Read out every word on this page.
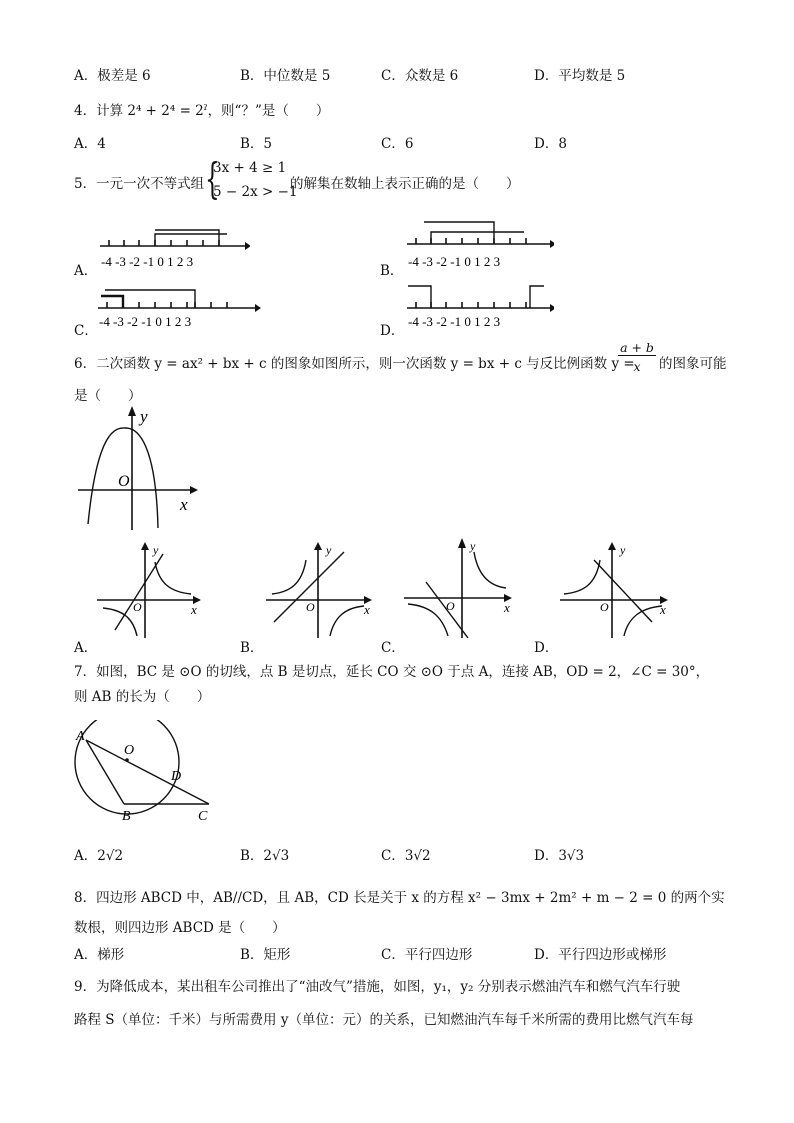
A．极差是 6	B．中位数是 5	C．众数是 6	D．平均数是 5
4．计算 2⁴ + 2⁴ = 2ˀ，则“？”是（　　）
A．4	B．5	C．6	D．8
5．一元一次不等式组 {
3x + 4 ≥ 1
5 − 2x > −1
的解集在数轴上表示正确的是（　　）
-4 -3 -2 -1 0 1 2 3
A．
-4 -3 -2 -1 0 1 2 3
B．
-4 -3 -2 -1 0 1 2 3
C．
-4 -3 -2 -1 0 1 2 3
D．
6．二次函数 y = ax² + bx + c 的图象如图所示，则一次函数 y = bx + c 与反比例函数 y =
a + b
x	的图象可能
是（　　）
y
x
O
y
x
O
A．
y
x
O
B．
y
x
O
C．
y
x
O
D．
7．如图，BC 是 ⊙O 的切线，点 B 是切点，延长 CO 交 ⊙O 于点 A，连接 AB，OD = 2，∠C = 30°，
则 AB 的长为（　　）
A
O
D
B	C
A．2√2	B．2√3	C．3√2	D．3√3
8．四边形 ABCD 中，AB//CD，且 AB，CD 长是关于 x 的方程 x² − 3mx + 2m² + m − 2 = 0 的两个实
数根，则四边形 ABCD 是（　　）
A．梯形	B．矩形	C．平行四边形	D．平行四边形或梯形
9．为降低成本，某出租车公司推出了“油改气”措施，如图，y₁，y₂ 分别表示燃油汽车和燃气汽车行驶
路程 S（单位：千米）与所需费用 y（单位：元）的关系，已知燃油汽车每千米所需的费用比燃气汽车每
